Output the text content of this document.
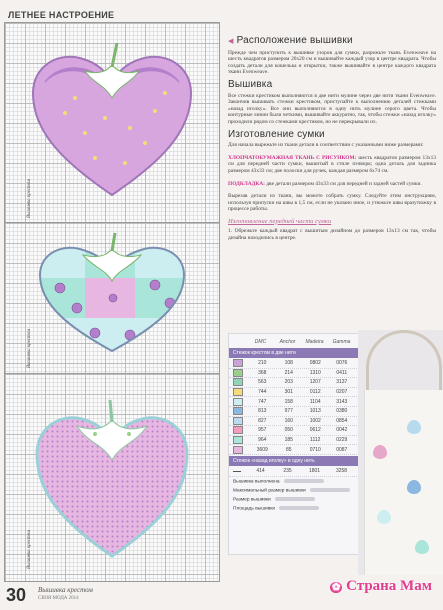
ЛЕТНЕЕ НАСТРОЕНИЕ
Вышивка крестом
Вышивка крестом
Вышивка крестом
◀ Расположение вышивки

Прежде чем приступить к вышивке узоров для сумки, разрежьте ткань Evenweave на шесть квадратов размером 20х20 см и вышивайте каждый узор в центре квадрата. Чтобы создать детали для кошелька и открытки, также вышивайте в центре каждого квадрата ткани Evenweave.

Вышивка

Все стежки крестиком выполняются в две нити мулине через две нити ткани Evenweave. Закончив вышивать стежки крестиком, приступайте к выполнению деталей стежками «назад иголку». Все они выполняются в одну нить мулине серого цвета. Чтобы контурные линии были четкими, вышивайте аккуратно, так, чтобы стежки «назад иголку» проходили рядом со стежками крестиком, но не перекрывали их.

Изготовление сумки

Для начала вырежьте из ткани детали в соответствии с указанными ниже размерами:

ХЛОПЧАТОБУМАЖНАЯ ТКАНЬ С РИСУНКОМ: шесть квадратов размером 13х13 см для передней части сумки, вышитый в стиле пэчворк; одна деталь для задника размером 43х33 см; две полоски для ручек, каждая размером 6х74 см.

ПОДКЛАДКА: две детали размером 43х33 см для передней и задней частей сумки.

Вырезав детали из ткани, вы можете собрать сумку. Следуйте этим инструкциям, используя припуски на швы в 1,5 см, если не указано иное, и утюжьте швы вразутюжку в процессе работы.

Изготовление передней части сумки

1. Обрежьте каждый квадрат с вышитым дизайном до размеров 13х13 см так, чтобы дизайна находились в центре.

DMC	Anchor	Madeira	Gamma
Стежок крестом в две нити
210	108	0802	0076
368	214	1310	0411
563	203	1207	3137
744	301	0112	0207
747	158	1104	3143
813	977	1013	0380
827	160	1002	0854
957	050	0612	0042
964	185	1112	0229
3609	85	0710	0087
Стежок «назад иголку» в одну нить
414	235	1801	3258
Вышивка выполнена
Максимальный размер вышивки
Размер вышивки
Площадь вышивки
30 Вышивка крестом
СВОЯ МОДА 2014
✿ Страна Мам
